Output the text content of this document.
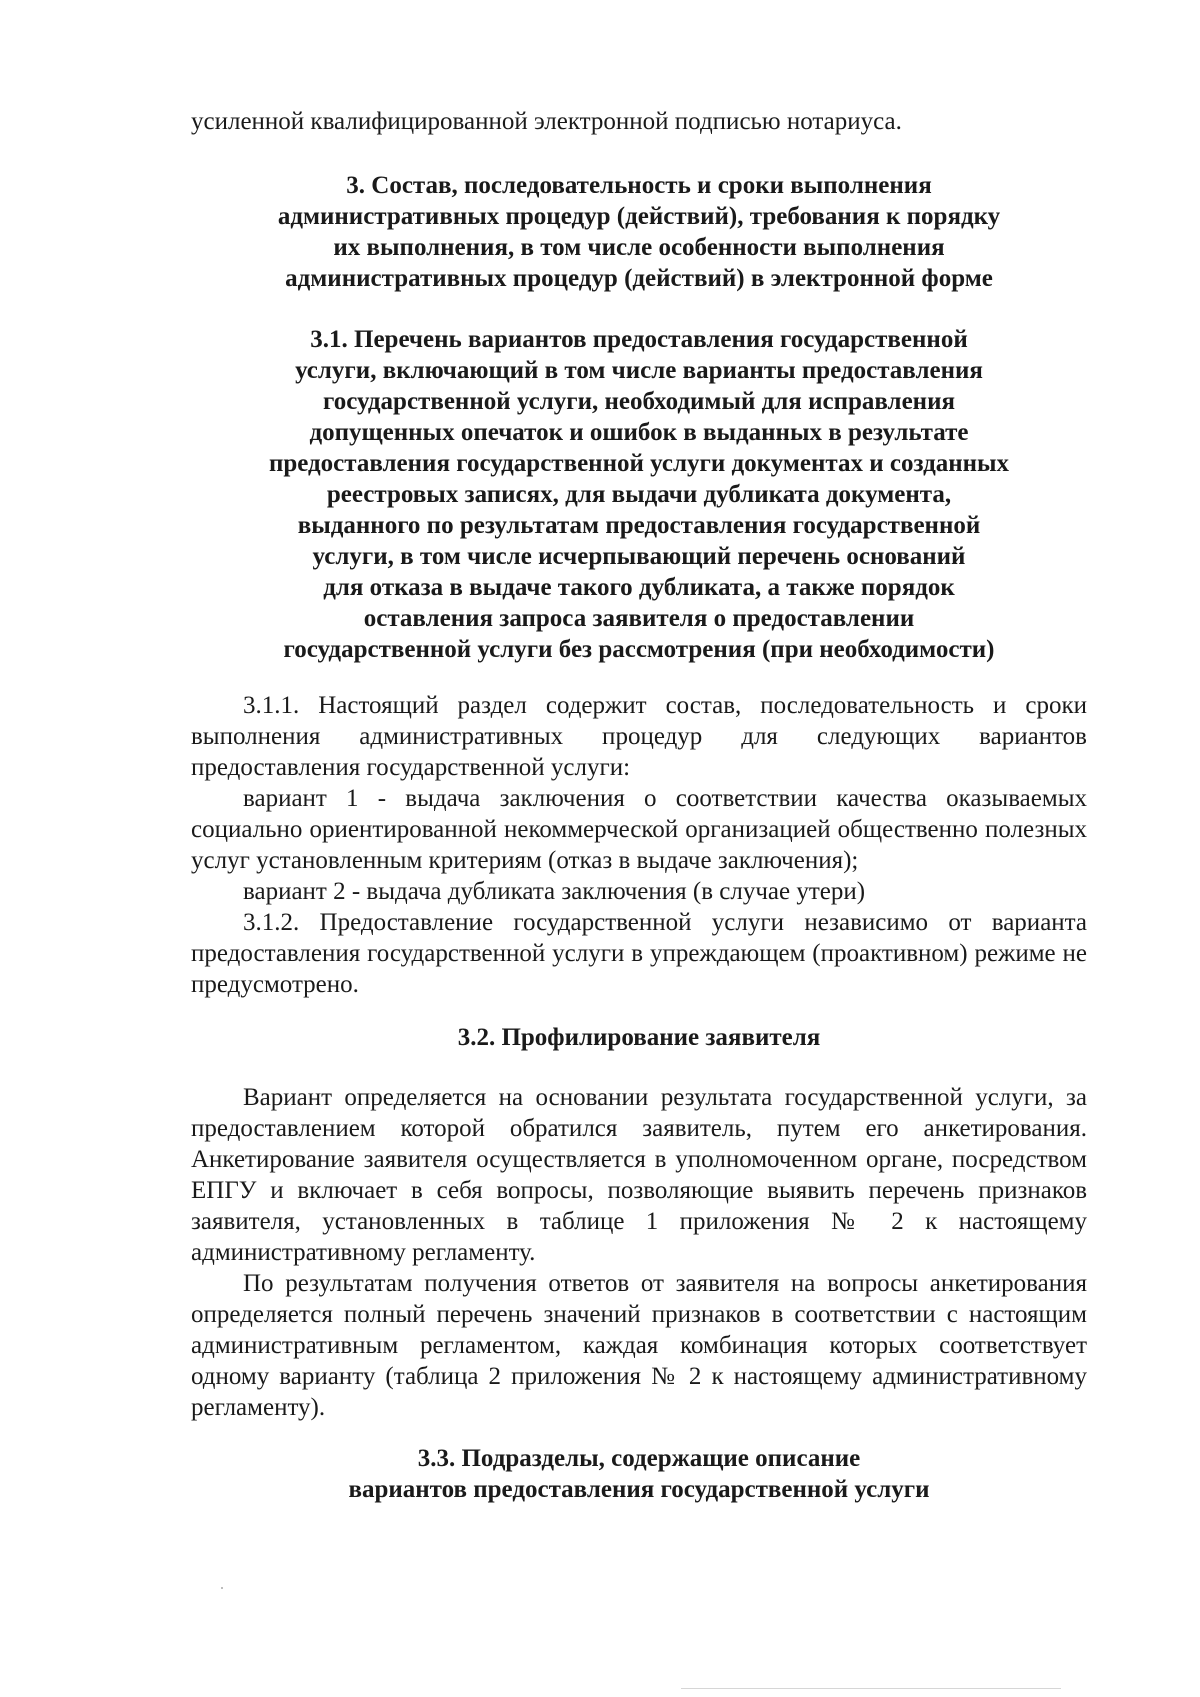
усиленной квалифицированной электронной подписью нотариуса.

3. Состав, последовательность и сроки выполнения
административных процедур (действий), требования к порядку
их выполнения, в том числе особенности выполнения
административных процедур (действий) в электронной форме
3.1. Перечень вариантов предоставления государственной
услуги, включающий в том числе варианты предоставления
государственной услуги, необходимый для исправления
допущенных опечаток и ошибок в выданных в результате
предоставления государственной услуги документах и созданных
реестровых записях, для выдачи дубликата документа,
выданного по результатам предоставления государственной
услуги, в том числе исчерпывающий перечень оснований
для отказа в выдаче такого дубликата, а также порядок
оставления запроса заявителя о предоставлении
государственной услуги без рассмотрения (при необходимости)

3.1.1. Настоящий раздел содержит состав, последовательность и сроки выполнения административных процедур для следующих вариантов предоставления государственной услуги:

вариант 1 - выдача заключения о соответствии качества оказываемых социально ориентированной некоммерческой организацией общественно полезных услуг установленным критериям (отказ в выдаче заключения);

вариант 2 - выдача дубликата заключения (в случае утери)

3.1.2. Предоставление государственной услуги независимо от варианта предоставления государственной услуги в упреждающем (проактивном) режиме не предусмотрено.

3.2. Профилирование заявителя

Вариант определяется на основании результата государственной услуги, за предоставлением которой обратился заявитель, путем его анкетирования. Анкетирование заявителя осуществляется в уполномоченном органе, посредством ЕПГУ и включает в себя вопросы, позволяющие выявить перечень признаков заявителя, установленных в таблице 1 приложения № 2 к настоящему административному регламенту.

По результатам получения ответов от заявителя на вопросы анкетирования определяется полный перечень значений признаков в соответствии с настоящим административным регламентом, каждая комбинация которых соответствует одному варианту (таблица 2 приложения № 2 к настоящему административному регламенту).

3.3. Подразделы, содержащие описание
вариантов предоставления государственной услуги
